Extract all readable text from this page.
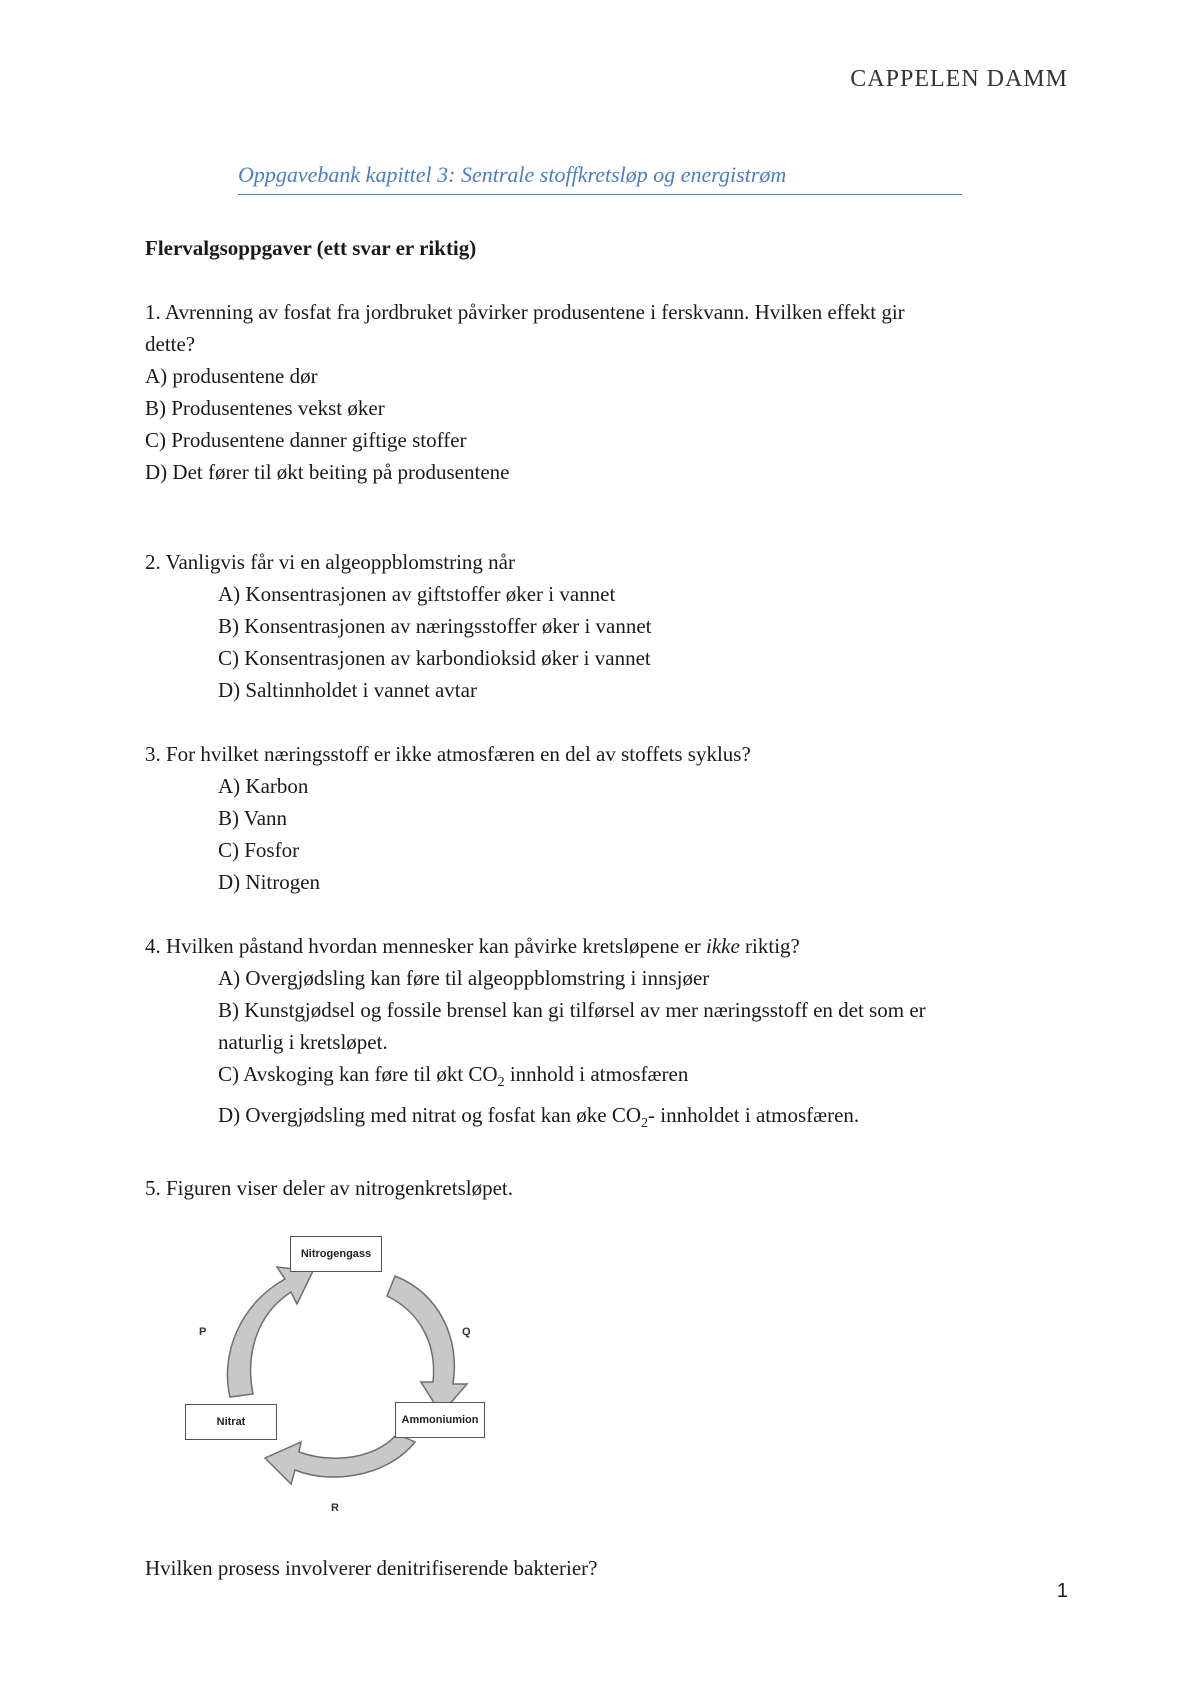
CAPPELEN DAMM
Oppgavebank kapittel 3: Sentrale stoffkretsløp og energistrøm
Flervalgsoppgaver (ett svar er riktig)
1. Avrenning av fosfat fra jordbruket påvirker produsentene i ferskvann. Hvilken effekt gir
dette?
A) produsentene dør
B) Produsentenes vekst øker
C) Produsentene danner giftige stoffer
D) Det fører til økt beiting på produsentene
2. Vanligvis får vi en algeoppblomstring når
A) Konsentrasjonen av giftstoffer øker i vannet
B) Konsentrasjonen av næringsstoffer øker i vannet
C) Konsentrasjonen av karbondioksid øker i vannet
D) Saltinnholdet i vannet avtar
3. For hvilket næringsstoff er ikke atmosfæren en del av stoffets syklus?
A) Karbon
B) Vann
C) Fosfor
D) Nitrogen
4. Hvilken påstand hvordan mennesker kan påvirke kretsløpene er ikke riktig?
A) Overgjødsling kan føre til algeoppblomstring i innsjøer
B) Kunstgjødsel og fossile brensel kan gi tilførsel av mer næringsstoff en det som er
naturlig i kretsløpet.
C) Avskoging kan føre til økt $CO_2$ innhold i atmosfæren
D) Overgjødsling med nitrat og fosfat kan øke $CO_2-$ innholdet i atmosfæren.
5. Figuren viser deler av nitrogenkretsløpet.
Nitrogengass
Ammoniumion
Nitrat
P	Q
R
Hvilken prosess involverer denitrifiserende bakterier?
1
